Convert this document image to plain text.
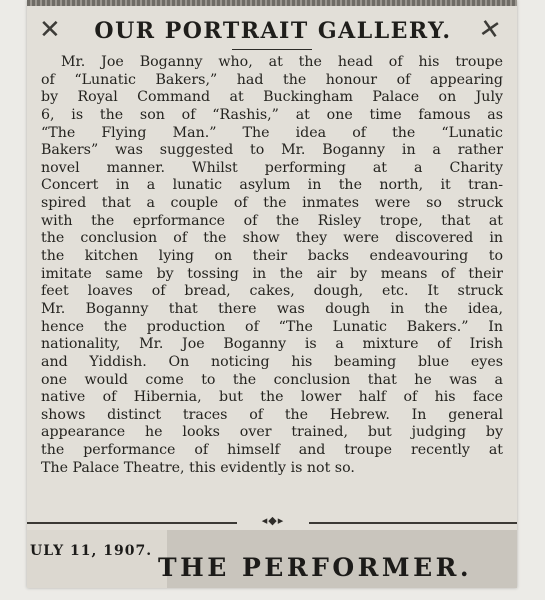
✕	OUR PORTRAIT GALLERY. ✕
Mr. Joe Boganny who, at the head of his troupe
of “Lunatic Bakers,” had the honour of appearing
by Royal Command at Buckingham Palace on July
6, is the son of “Rashis,” at one time famous as
“The Flying Man.” The idea of the “Lunatic
Bakers” was suggested to Mr. Boganny in a rather
novel manner. Whilst performing at a Charity
Concert in a lunatic asylum in the north, it tran-
spired that a couple of the inmates were so struck
with the eprformance of the Risley trope, that at
the conclusion of the show they were discovered in
the kitchen lying on their backs endeavouring to
imitate same by tossing in the air by means of their
feet loaves of bread, cakes, dough, etc. It struck
Mr. Boganny that there was dough in the idea,
hence the production of “The Lunatic Bakers.” In
nationality, Mr. Joe Boganny is a mixture of Irish
and Yiddish. On noticing his beaming blue eyes
one would come to the conclusion that he was a
native of Hibernia, but the lower half of his face
shows distinct traces of the Hebrew. In general
appearance he looks over trained, but judging by
the performance of himself and troupe recently at
The Palace Theatre, this evidently is not so.
◂◆▸
ULY 11, 1907.
THE PERFORMER.
